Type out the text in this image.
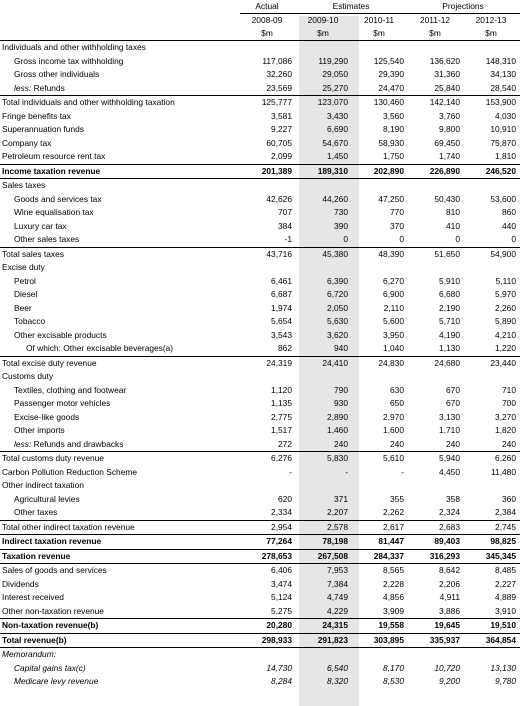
	Actual	Estimates		Projections	
	2008-09	2009-10	2010-11	2011-12	2012-13
	$m	$m	$m	$m	$m
Individuals and other withholding taxes					
Gross income tax withholding	117,086	119,290	125,540	136,620	148,310
Gross other individuals	32,260	29,050	29,390	31,360	34,130
less: Refunds	23,569	25,270	24,470	25,840	28,540
Total individuals and other withholding taxation	125,777	123,070	130,460	142,140	153,900
Fringe benefits tax	3,581	3,430	3,560	3,760	4,030
Superannuation funds	9,227	6,690	8,190	9,800	10,910
Company tax	60,705	54,670	58,930	69,450	75,870
Petroleum resource rent tax	2,099	1,450	1,750	1,740	1,810
Income taxation revenue	201,389	189,310	202,890	226,890	246,520
Sales taxes					
Goods and services tax	42,626	44,260	47,250	50,430	53,600
Wine equalisation tax	707	730	770	810	860
Luxury car tax	384	390	370	410	440
Other sales taxes	-1	0	0	0	0
Total sales taxes	43,716	45,380	48,390	51,650	54,900
Excise duty					
Petrol	6,461	6,390	6,270	5,910	5,110
Diesel	6,687	6,720	6,900	6,680	5,970
Beer	1,974	2,050	2,110	2,190	2,260
Tobacco	5,654	5,630	5,600	5,710	5,890
Other excisable products	3,543	3,620	3,950	4,190	4,210
Of which: Other excisable beverages(a)	862	940	1,040	1,130	1,220
Total excise duty revenue	24,319	24,410	24,830	24,680	23,440
Customs duty					
Textiles, clothing and footwear	1,120	790	630	670	710
Passenger motor vehicles	1,135	930	650	670	700
Excise-like goods	2,775	2,890	2,970	3,130	3,270
Other imports	1,517	1,460	1,600	1,710	1,820
less: Refunds and drawbacks	272	240	240	240	240
Total customs duty revenue	6,276	5,830	5,610	5,940	6,260
Carbon Pollution Reduction Scheme	-	-	-	4,450	11,480
Other indirect taxation					
Agricultural levies	620	371	355	358	360
Other taxes	2,334	2,207	2,262	2,324	2,384
Total other indirect taxation revenue	2,954	2,578	2,617	2,683	2,745
Indirect taxation revenue	77,264	78,198	81,447	89,403	98,825
Taxation revenue	278,653	267,508	284,337	316,293	345,345
Sales of goods and services	6,406	7,953	8,565	8,642	8,485
Dividends	3,474	7,384	2,228	2,206	2,227
Interest received	5,124	4,749	4,856	4,911	4,889
Other non-taxation revenue	5,275	4,229	3,909	3,886	3,910
Non-taxation revenue(b)	20,280	24,315	19,558	19,645	19,510
Total revenue(b)	298,933	291,823	303,895	335,937	364,854
Memorandum:					
Capital gains tax(c)	14,730	6,540	8,170	10,720	13,130
Medicare levy revenue	8,284	8,320	8,530	9,200	9,780
